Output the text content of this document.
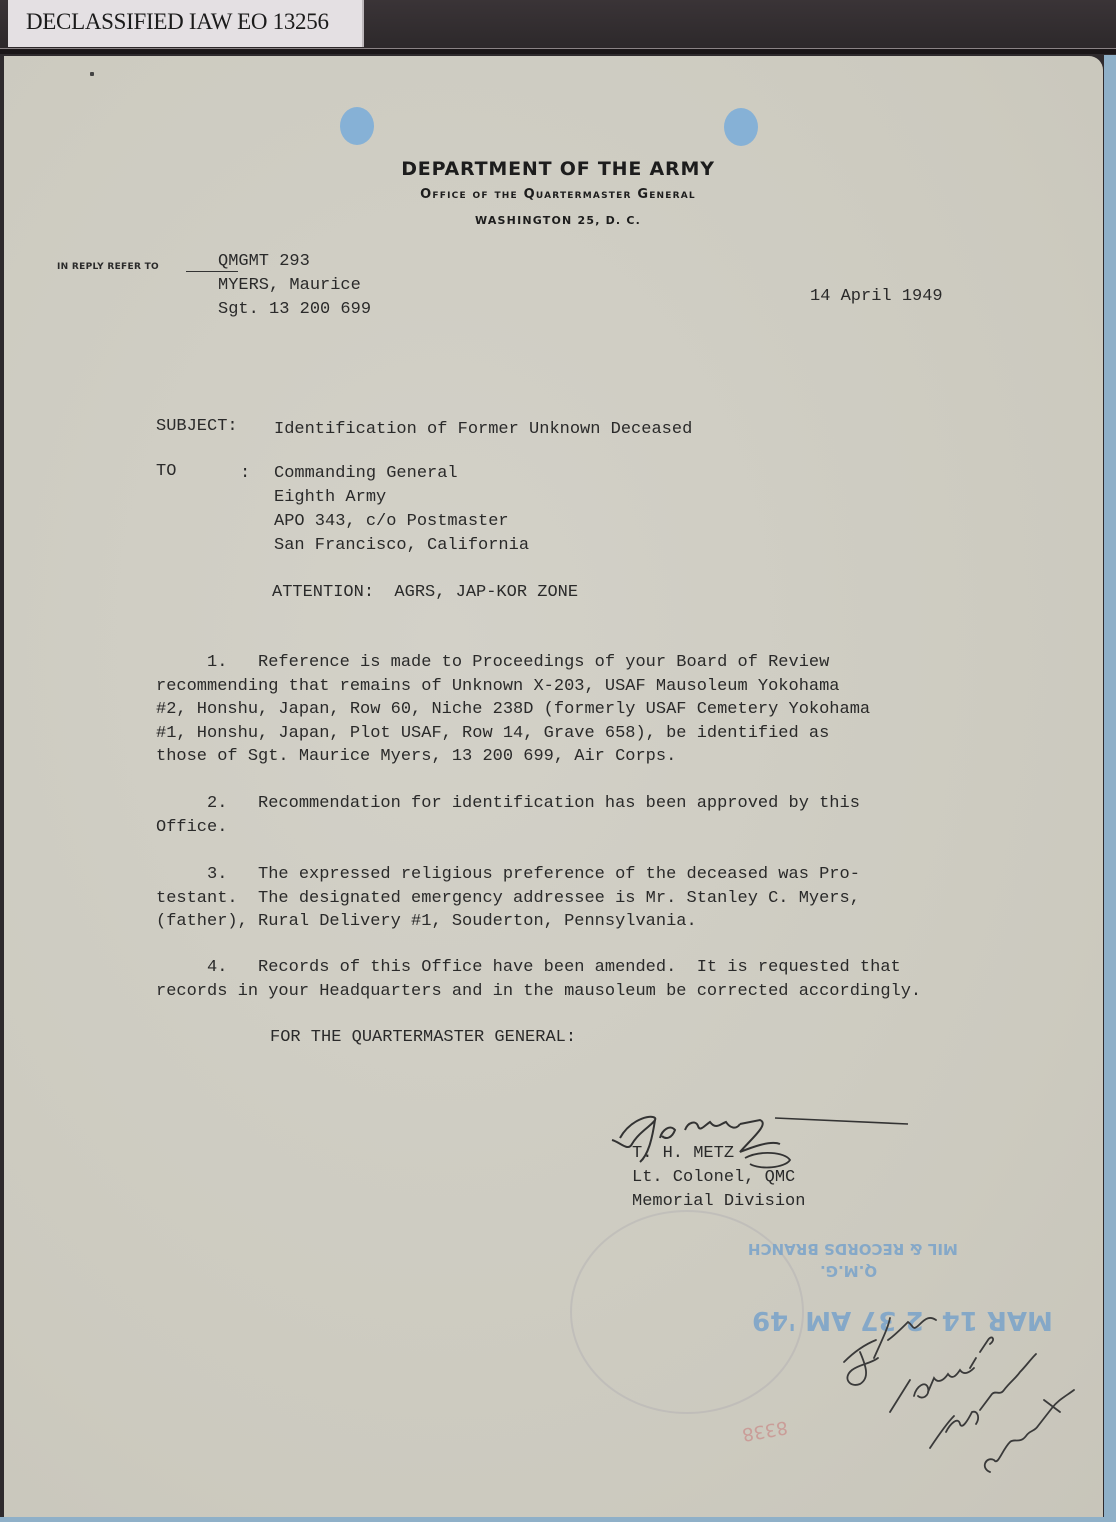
DECLASSIFIED IAW EO 13256
DEPARTMENT OF THE ARMY
Office of the Quartermaster General
WASHINGTON 25, D. C.
IN REPLY REFER TO	QMGMT 293
MYERS, Maurice
Sgt. 13 200 699
14 April 1949
SUBJECT: Identification of Former Unknown Deceased
TO	: Commanding General
Eighth Army
APO 343, c/o Postmaster
San Francisco, California
ATTENTION:  AGRS, JAP-KOR ZONE
1.   Reference is made to Proceedings of your Board of Review
recommending that remains of Unknown X-203, USAF Mausoleum Yokohama
#2, Honshu, Japan, Row 60, Niche 238D (formerly USAF Cemetery Yokohama
#1, Honshu, Japan, Plot USAF, Row 14, Grave 658), be identified as
those of Sgt. Maurice Myers, 13 200 699, Air Corps.
2.   Recommendation for identification has been approved by this
Office.
3.   The expressed religious preference of the deceased was Pro-
testant.  The designated emergency addressee is Mr. Stanley C. Myers,
(father), Rural Delivery #1, Souderton, Pennsylvania.
4.   Records of this Office have been amended.  It is requested that
records in your Headquarters and in the mausoleum be corrected accordingly.
FOR THE QUARTERMASTER GENERAL:
T. H. METZ
Lt. Colonel, QMC
Memorial Division
MIL & RECORDS BRANCH
Q.M.G.
MAR 14  2 37 AM '49
8338
